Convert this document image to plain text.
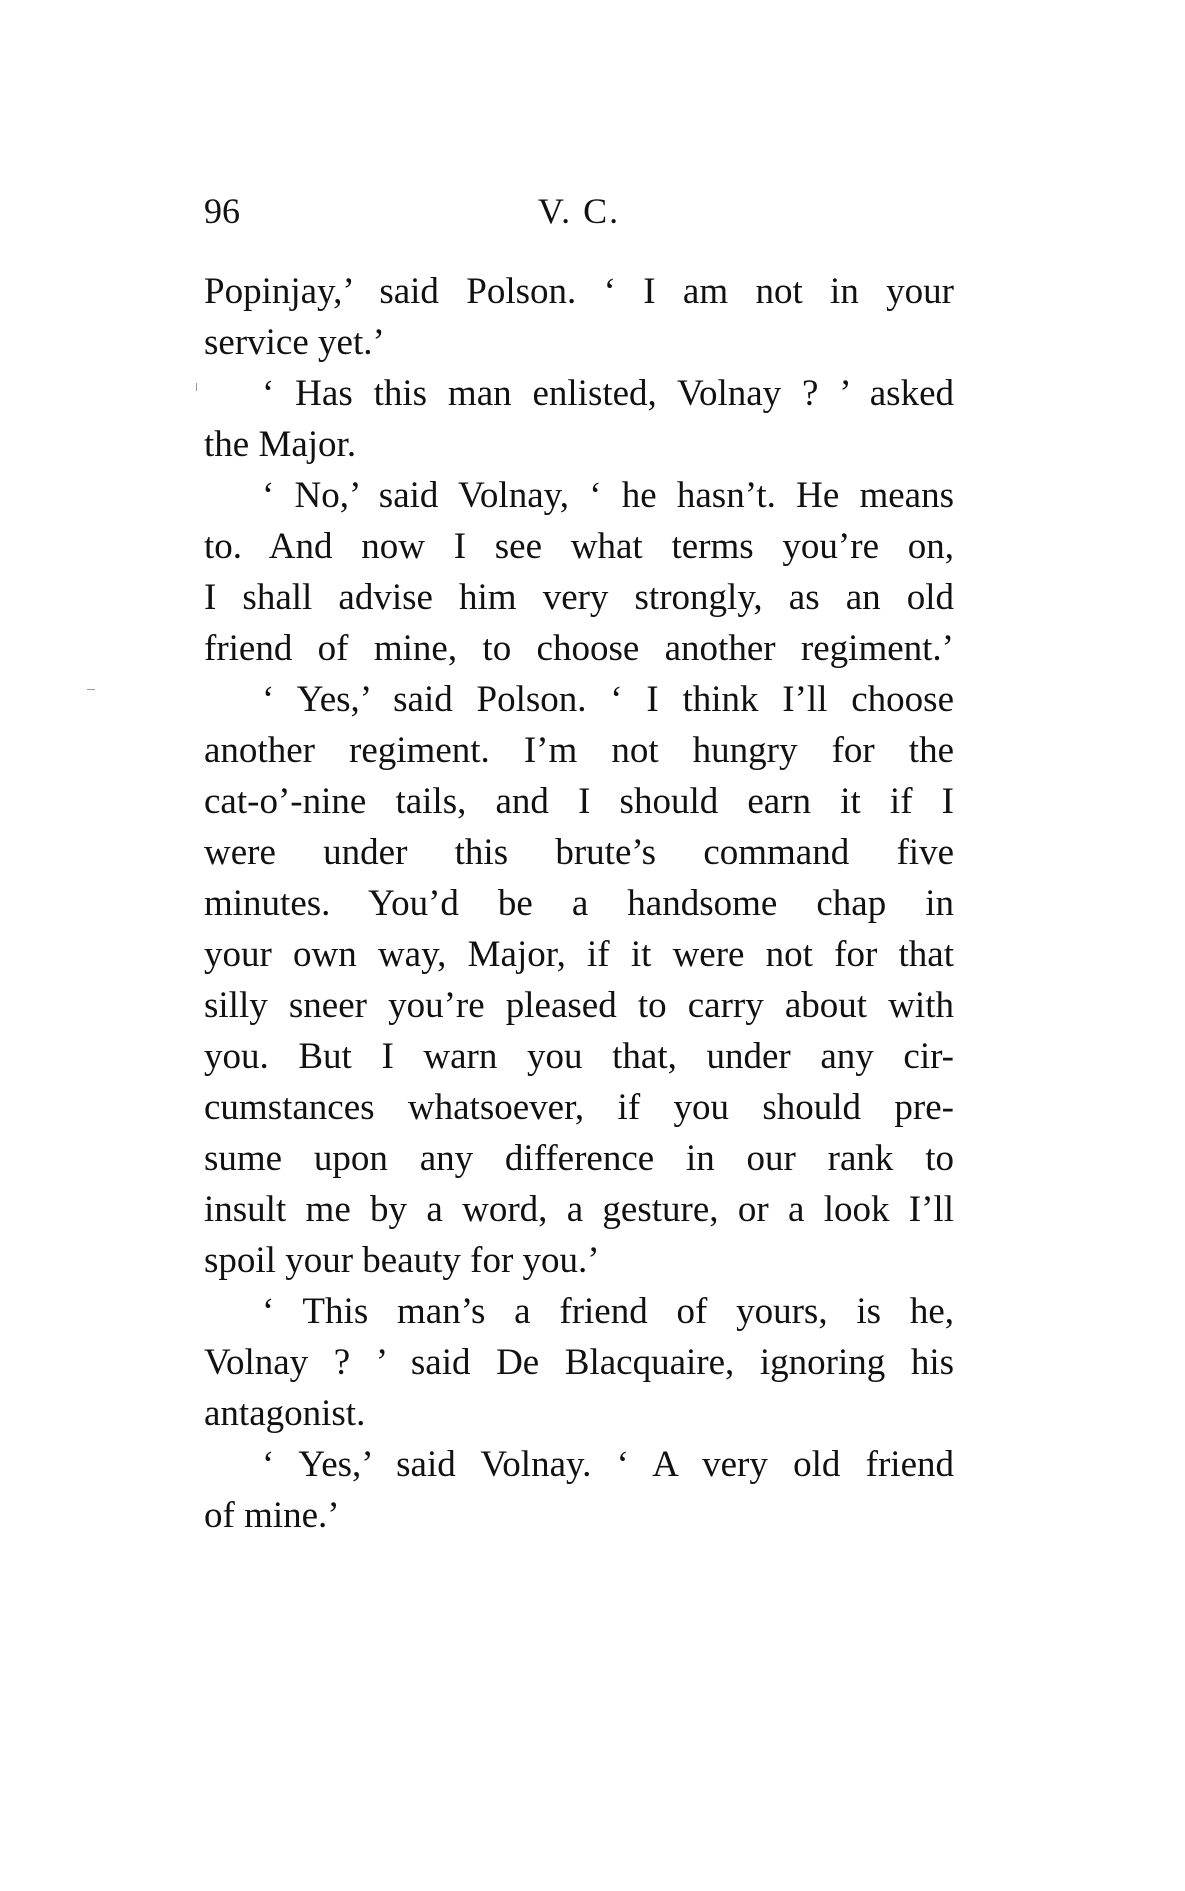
96	V. C.
Popinjay,’ said Polson. ‘ I am not in your
service yet.’
‘ Has this man enlisted, Volnay ? ’ asked
the Major.
‘ No,’ said Volnay, ‘ he hasn’t. He means
to. And now I see what terms you’re on,
I shall advise him very strongly, as an old
friend of mine, to choose another regiment.’
‘ Yes,’ said Polson. ‘ I think I’ll choose
another regiment. I’m not hungry for the
cat-o’-nine tails, and I should earn it if I
were under this brute’s command five
minutes. You’d be a handsome chap in
your own way, Major, if it were not for that
silly sneer you’re pleased to carry about with
you. But I warn you that, under any cir-
cumstances whatsoever, if you should pre-
sume upon any difference in our rank to
insult me by a word, a gesture, or a look I’ll
spoil your beauty for you.’
‘ This man’s a friend of yours, is he,
Volnay ? ’ said De Blacquaire, ignoring his
antagonist.
‘ Yes,’ said Volnay. ‘ A very old friend
of mine.’
